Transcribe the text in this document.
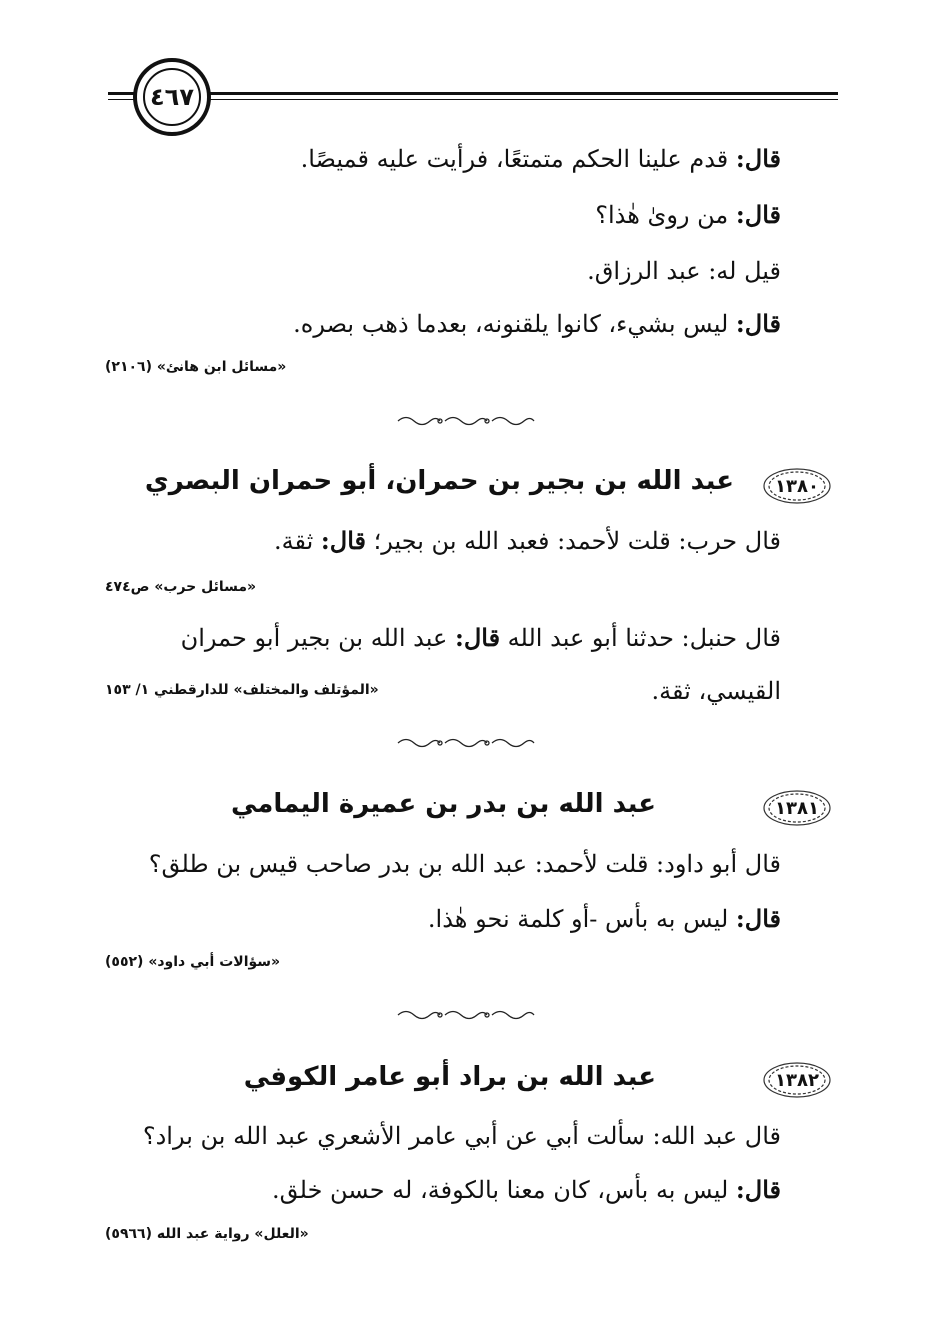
٤٦٧
قال: قدم علينا الحكم متمتعًا، فرأيت عليه قميصًا.
قال: من روىٰ هٰذا؟
قيل له: عبد الرزاق.
قال: ليس بشيء، كانوا يلقنونه، بعدما ذهب بصره.
«مسائل ابن هانئ» (٢١٠٦)
١٣٨٠
عبد الله بن بجير بن حمران، أبو حمران البصري
قال حرب: قلت لأحمد: فعبد الله بن بجير؛ قال: ثقة.
«مسائل حرب» ص٤٧٤
قال حنبل: حدثنا أبو عبد الله قال: عبد الله بن بجير أبو حمران
القيسي، ثقة.
«المؤتلف والمختلف» للدارقطني ١/ ١٥٣
١٣٨١
عبد الله بن بدر بن عميرة اليمامي
قال أبو داود: قلت لأحمد: عبد الله بن بدر صاحب قيس بن طلق؟
قال: ليس به بأس -أو كلمة نحو هٰذا.
«سؤالات أبي داود» (٥٥٢)
١٣٨٢
عبد الله بن براد أبو عامر الكوفي
قال عبد الله: سألت أبي عن أبي عامر الأشعري عبد الله بن براد؟
قال: ليس به بأس، كان معنا بالكوفة، له حسن خلق.
«العلل» رواية عبد الله (٥٩٦٦)
